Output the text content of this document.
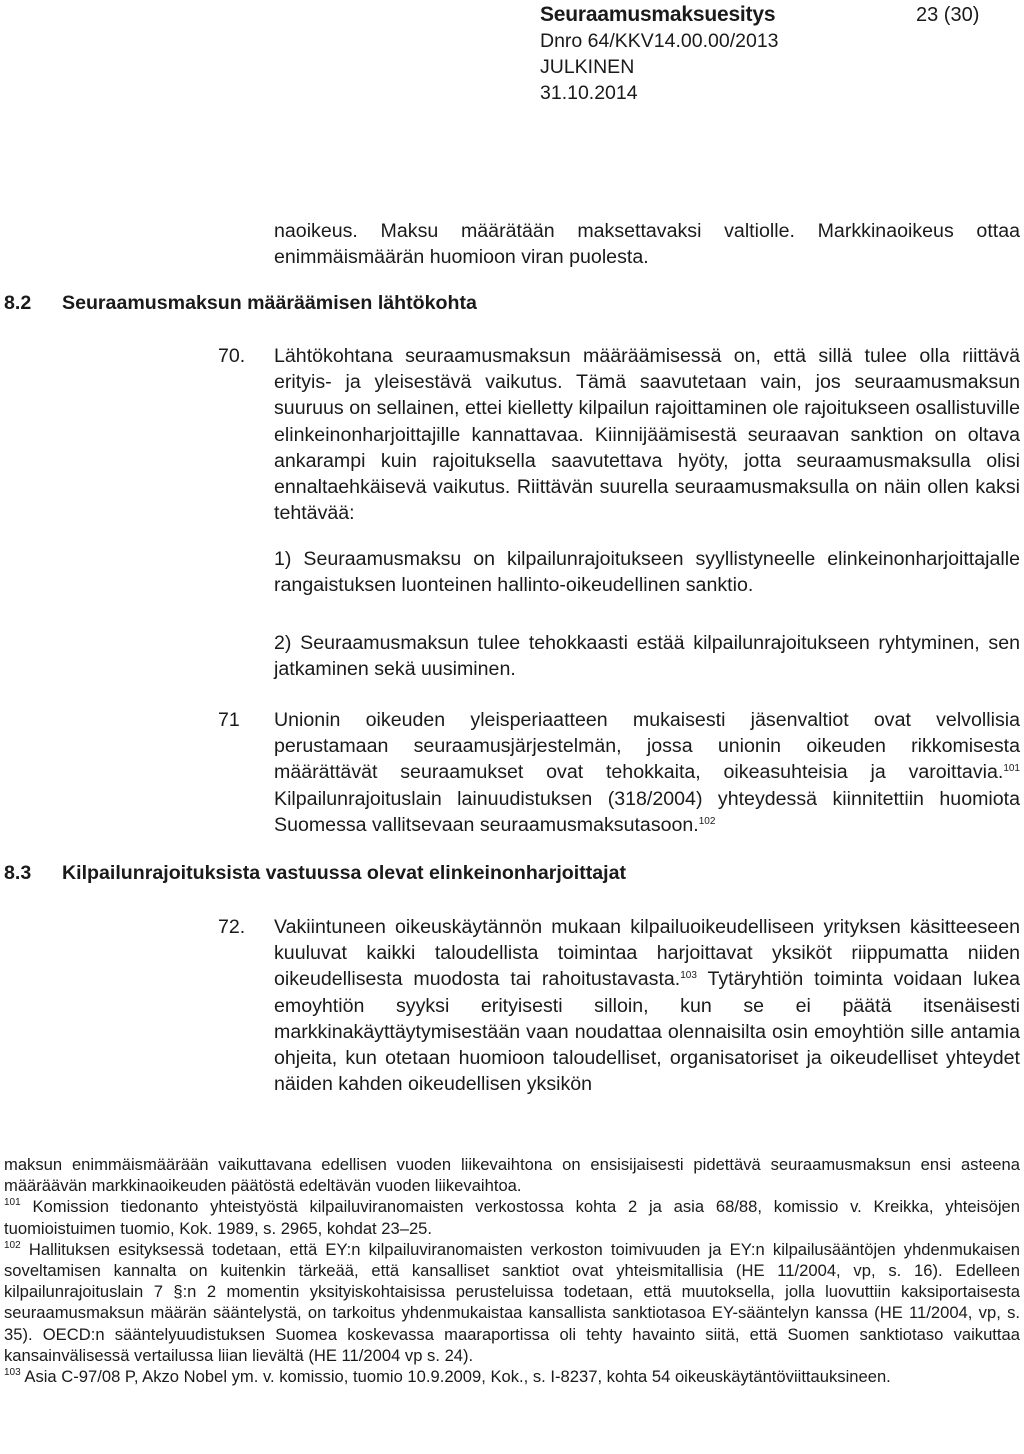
Seuraamusmaksuesitys	23 (30)
Dnro 64/KKV14.00.00/2013
JULKINEN
31.10.2014
naoikeus. Maksu määrätään maksettavaksi valtiolle. Markkinaoikeus ottaa enimmäismäärän huomioon viran puolesta.
8.2 Seuraamusmaksun määräämisen lähtökohta
70. Lähtökohtana seuraamusmaksun määräämisessä on, että sillä tulee olla riittävä erityis- ja yleisestävä vaikutus. Tämä saavutetaan vain, jos seuraamusmaksun suuruus on sellainen, ettei kielletty kilpailun rajoittaminen ole rajoitukseen osallistuville elinkeinonharjoittajille kannattavaa. Kiinnijäämisestä seuraavan sanktion on oltava ankarampi kuin rajoituksella saavutettava hyöty, jotta seuraamusmaksulla olisi ennaltaehkäisevä vaikutus. Riittävän suurella seuraamusmaksulla on näin ollen kaksi tehtävää:
1) Seuraamusmaksu on kilpailunrajoitukseen syyllistyneelle elinkeinonharjoittajalle rangaistuksen luonteinen hallinto-oikeudellinen sanktio.
2) Seuraamusmaksun tulee tehokkaasti estää kilpailunrajoitukseen ryhtyminen, sen jatkaminen sekä uusiminen.
71 Unionin oikeuden yleisperiaatteen mukaisesti jäsenvaltiot ovat velvollisia perustamaan seuraamusjärjestelmän, jossa unionin oikeuden rikkomisesta määrättävät seuraamukset ovat tehokkaita, oikeasuhteisia ja varoittavia.$^{101}$ Kilpailunrajoituslain lainuudistuksen (318/2004) yhteydessä kiinnitettiin huomiota Suomessa vallitsevaan seuraamusmaksutasoon.$^{102}$
8.3 Kilpailunrajoituksista vastuussa olevat elinkeinonharjoittajat
72. Vakiintuneen oikeuskäytännön mukaan kilpailuoikeudelliseen yrityksen käsitteeseen kuuluvat kaikki taloudellista toimintaa harjoittavat yksiköt riippumatta niiden oikeudellisesta muodosta tai rahoitustavasta.$^{103}$ Tytäryhtiön toiminta voidaan lukea emoyhtiön syyksi erityisesti silloin, kun se ei päätä itsenäisesti markkinakäyttäytymisestään vaan noudattaa olennaisilta osin emoyhtiön sille antamia ohjeita, kun otetaan huomioon taloudelliset, organisatoriset ja oikeudelliset yhteydet näiden kahden oikeudellisen yksikön

maksun enimmäismäärään vaikuttavana edellisen vuoden liikevaihtona on ensisijaisesti pidettävä seuraamusmaksun ensi asteena määräävän markkinaoikeuden päätöstä edeltävän vuoden liikevaihtoa.

$^{101}$ Komission tiedonanto yhteistyöstä kilpailuviranomaisten verkostossa kohta 2 ja asia 68/88, komissio v. Kreikka, yhteisöjen tuomioistuimen tuomio, Kok. 1989, s. 2965, kohdat 23–25.

$^{102}$ Hallituksen esityksessä todetaan, että EY:n kilpailuviranomaisten verkoston toimivuuden ja EY:n kilpailusääntöjen yhdenmukaisen soveltamisen kannalta on kuitenkin tärkeää, että kansalliset sanktiot ovat yhteismitallisia (HE 11/2004, vp, s. 16). Edelleen kilpailunrajoituslain 7 §:n 2 momentin yksityiskohtaisissa perusteluissa todetaan, että muutoksella, jolla luovuttiin kaksiportaisesta seuraamusmaksun määrän sääntelystä, on tarkoitus yhdenmukaistaa kansallista sanktiotasoa EY-sääntelyn kanssa (HE 11/2004, vp, s. 35). OECD:n sääntelyuudistuksen Suomea koskevassa maaraportissa oli tehty havainto siitä, että Suomen sanktiotaso vaikuttaa kansainvälisessä vertailussa liian lievältä (HE 11/2004 vp s. 24).

$^{103}$ Asia C-97/08 P, Akzo Nobel ym. v. komissio, tuomio 10.9.2009, Kok., s. I-8237, kohta 54 oikeuskäytäntöviittauksineen.
